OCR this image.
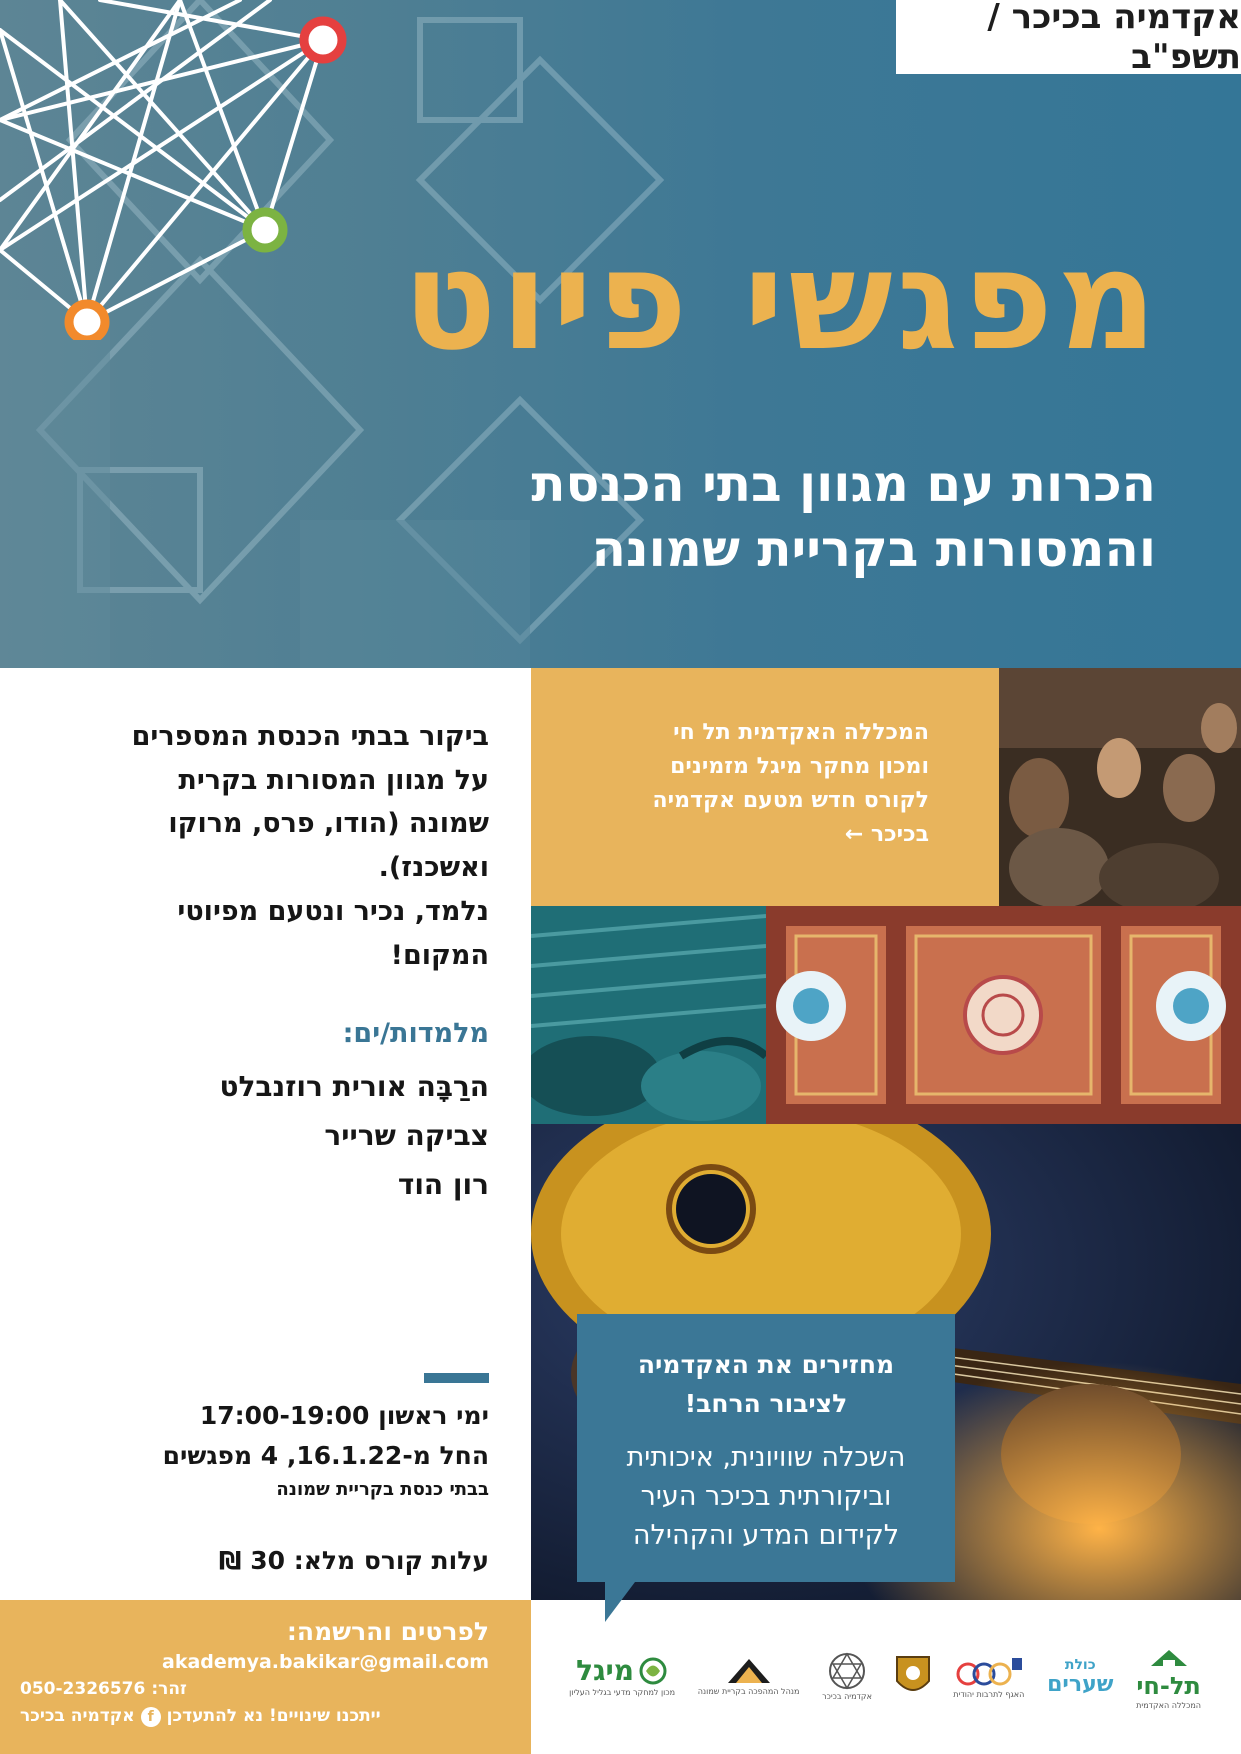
אקדמיה בכיכר / תשפ"ב
מפגשי פיוט
הכרות עם מגוון בתי הכנסת
והמסורות בקריית שמונה

המכללה האקדמית תל חי

ומכון מחקר מיגל מזמינים

לקורס חדש מטעם אקדמיה

בכיכר ←

מחזירים את האקדמיה
לציבור הרחב!
השכלה שוויונית, איכותית
וביקורתית בכיכר העיר
לקידום המדע והקהילה

ביקור בבתי הכנסת המספרים

על מגוון המסורות בקרית

שמונה (הודו, פרס, מרוקו

ואשכנז).

נלמד, נכיר ונטעם מפיוטי

המקום!

מלמדות/ים:
הרַבָּה אורית רוזנבלט
צביקה שרייר
רון הוד
ימי ראשון 17:00-19:00
החל מ-16.1.22, 4 מפגשים
בבתי כנסת בקריית שמונה
עלות קורס מלא: 30 ₪
לפרטים והרשמה:
akademya.bakikar@gmail.com
זהר:
050-2326576
ייתכנו שינויים! נא להתעדכן
f
אקדמיה בכיכר
תל-חי
המכללה האקדמית
כולת
שערים
האגף לתרבות יהודית
אקדמיה בכיכר
מנהל המהפכה בקריית שמונה
מיגל
מכון למחקר מדעי בגליל העליון
